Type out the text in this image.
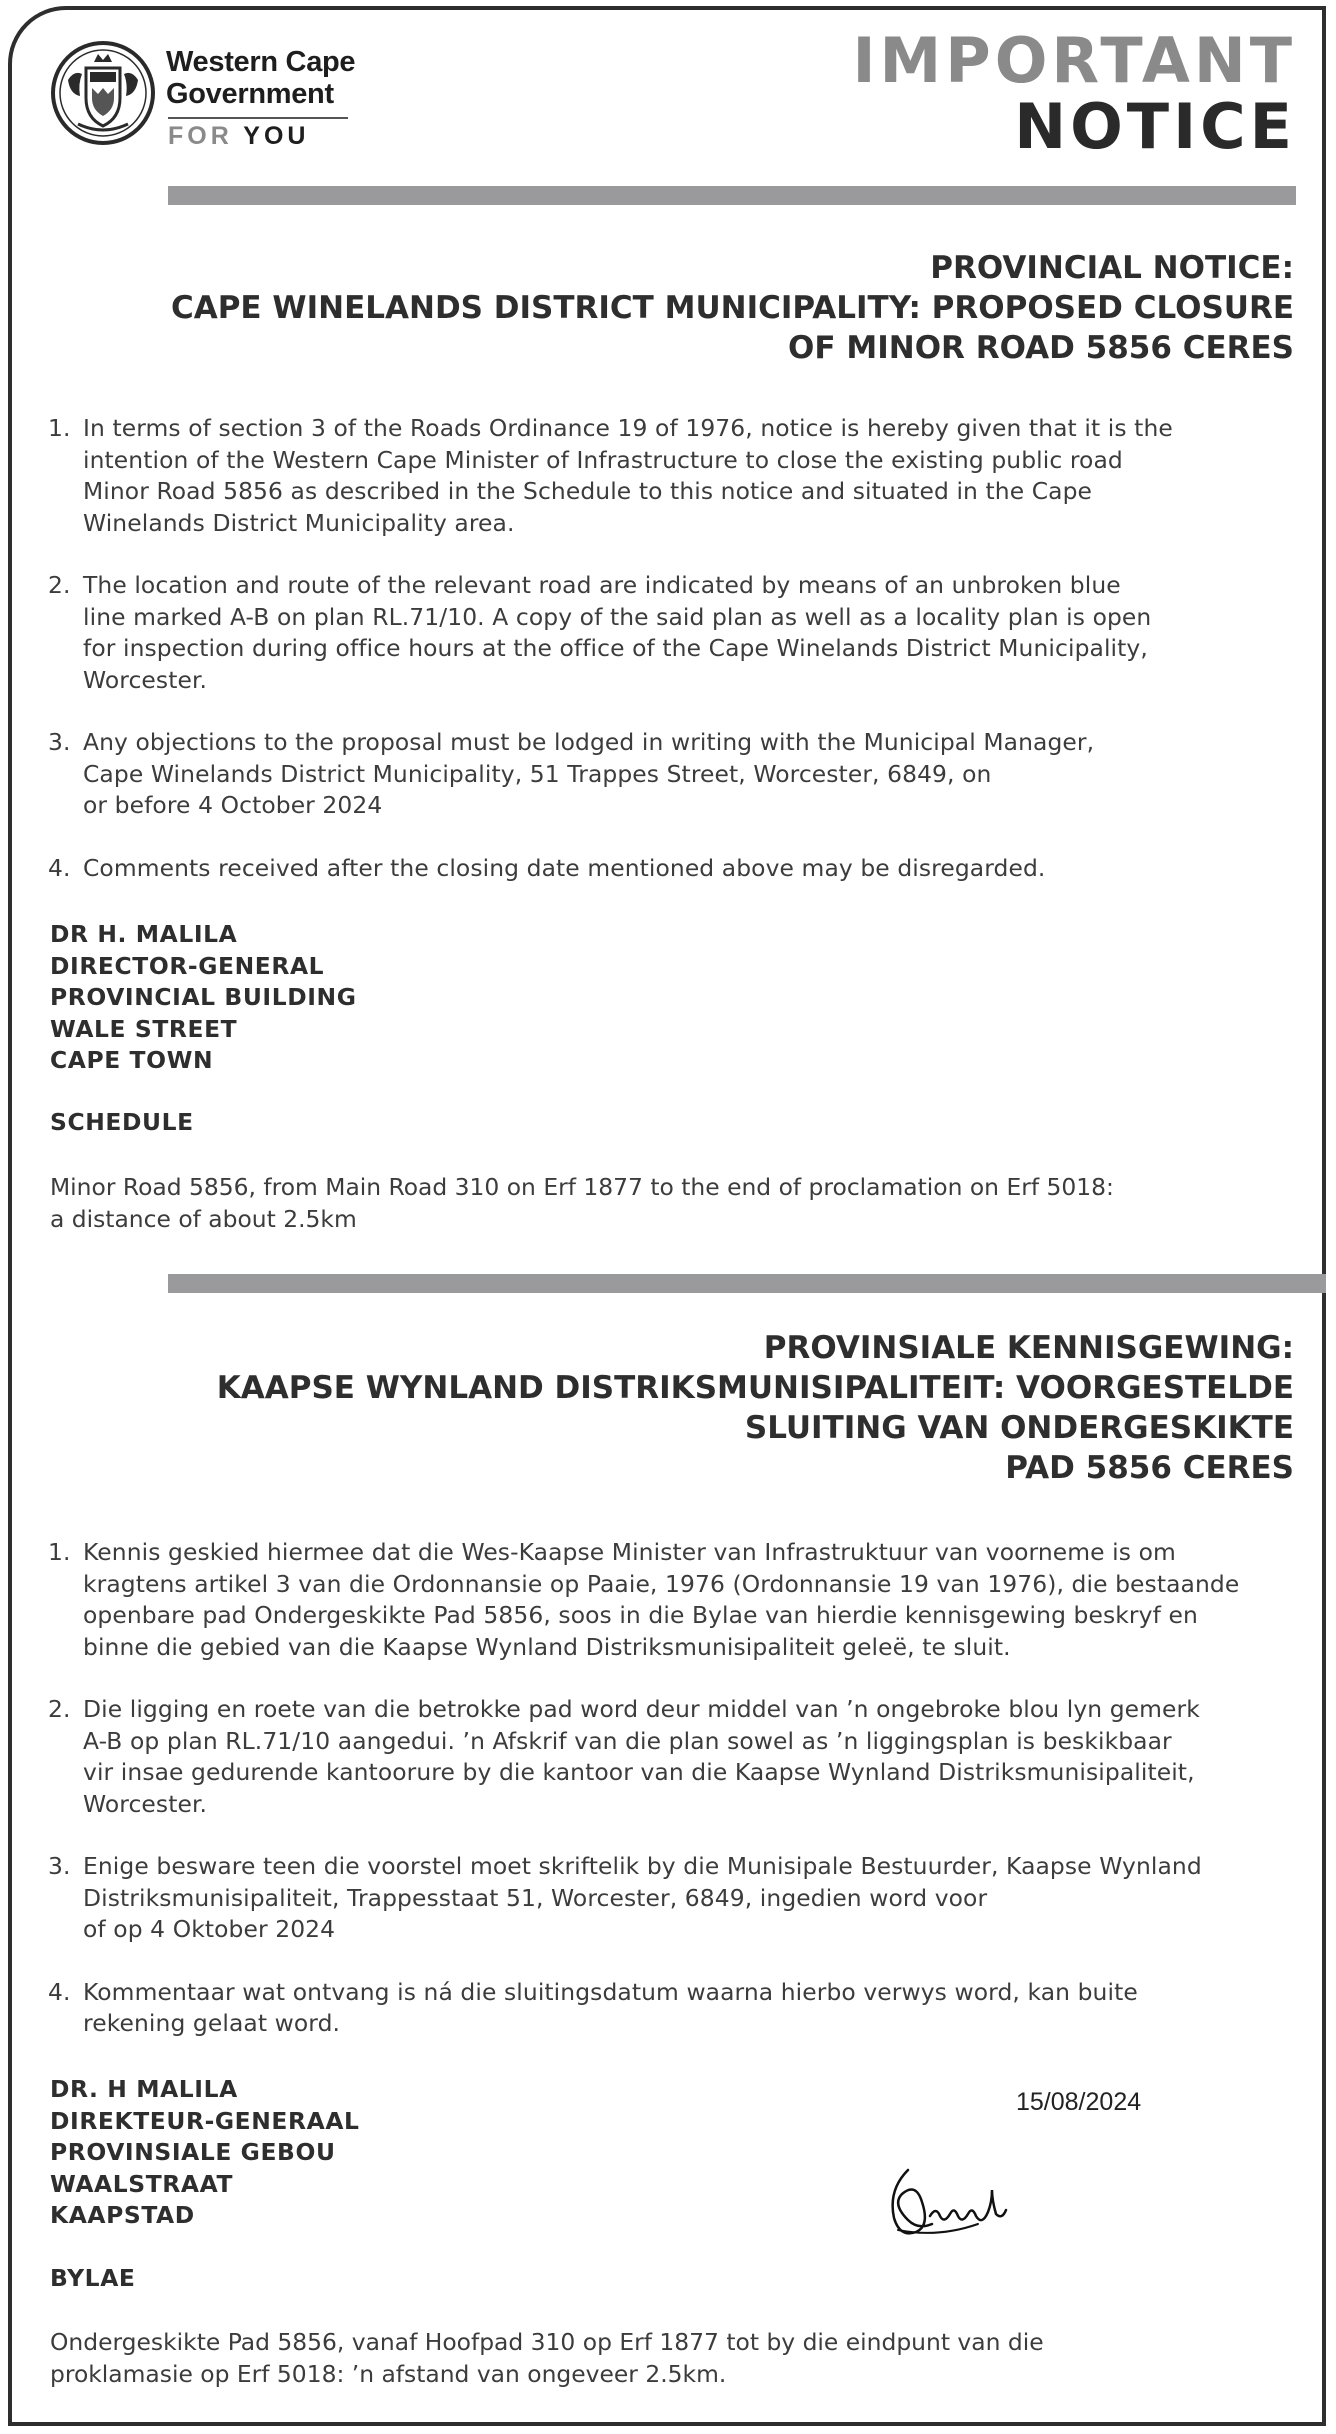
Western Cape
Government
FOR YOU
IMPORTANT
NOTICE
PROVINCIAL NOTICE:
CAPE WINELANDS DISTRICT MUNICIPALITY: PROPOSED CLOSURE
OF MINOR ROAD 5856 CERES
1. In terms of section 3 of the Roads Ordinance 19 of 1976, notice is hereby given that it is the
intention of the Western Cape Minister of Infrastructure to close the existing public road
Minor Road 5856 as described in the Schedule to this notice and situated in the Cape
Winelands District Municipality area.
2. The location and route of the relevant road are indicated by means of an unbroken blue
line marked A-B on plan RL.71/10. A copy of the said plan as well as a locality plan is open
for inspection during office hours at the office of the Cape Winelands District Municipality,
Worcester.
3. Any objections to the proposal must be lodged in writing with the Municipal Manager,
Cape Winelands District Municipality, 51 Trappes Street, Worcester, 6849, on
or before 4 October 2024
4. Comments received after the closing date mentioned above may be disregarded.
DR H. MALILA
DIRECTOR-GENERAL
PROVINCIAL BUILDING
WALE STREET
CAPE TOWN
SCHEDULE
Minor Road 5856, from Main Road 310 on Erf 1877 to the end of proclamation on Erf 5018:
a distance of about 2.5km
PROVINSIALE KENNISGEWING:
KAAPSE WYNLAND DISTRIKSMUNISIPALITEIT: VOORGESTELDE
SLUITING VAN ONDERGESKIKTE
PAD 5856 CERES
1. Kennis geskied hiermee dat die Wes-Kaapse Minister van Infrastruktuur van voorneme is om
kragtens artikel 3 van die Ordonnansie op Paaie, 1976 (Ordonnansie 19 van 1976), die bestaande
openbare pad Ondergeskikte Pad 5856, soos in die Bylae van hierdie kennisgewing beskryf en
binne die gebied van die Kaapse Wynland Distriksmunisipaliteit geleë, te sluit.
2. Die ligging en roete van die betrokke pad word deur middel van ’n ongebroke blou lyn gemerk
A-B op plan RL.71/10 aangedui. ’n Afskrif van die plan sowel as ’n liggingsplan is beskikbaar
vir insae gedurende kantoorure by die kantoor van die Kaapse Wynland Distriksmunisipaliteit,
Worcester.
3. Enige besware teen die voorstel moet skriftelik by die Munisipale Bestuurder, Kaapse Wynland
Distriksmunisipaliteit, Trappesstaat 51, Worcester, 6849, ingedien word voor
of op 4 Oktober 2024
4. Kommentaar wat ontvang is ná die sluitingsdatum waarna hierbo verwys word, kan buite
rekening gelaat word.
DR. H MALILA
DIREKTEUR-GENERAAL
PROVINSIALE GEBOU
WAALSTRAAT
KAAPSTAD
15/08/2024
BYLAE
Ondergeskikte Pad 5856, vanaf Hoofpad 310 op Erf 1877 tot by die eindpunt van die
proklamasie op Erf 5018: ’n afstand van ongeveer 2.5km.
